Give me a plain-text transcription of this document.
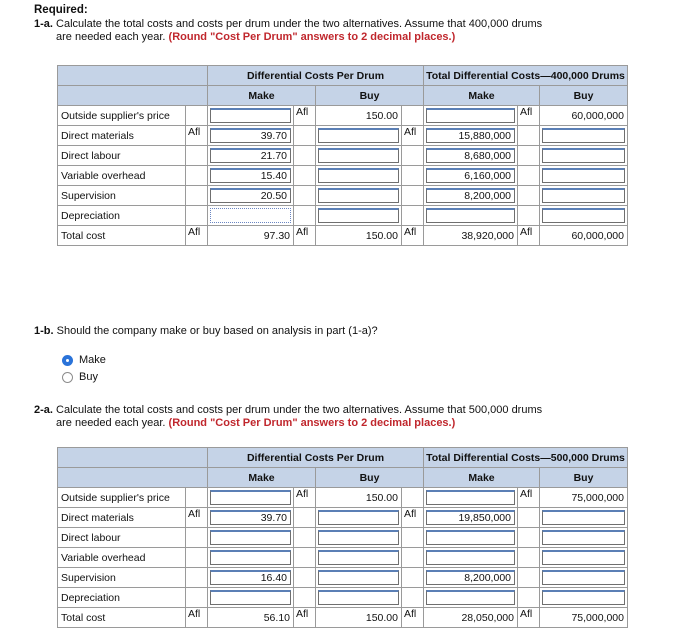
Required:
1-a. Calculate the total costs and costs per drum under the two alternatives. Assume that 400,000 drums
are needed each year. (Round "Cost Per Drum" answers to 2 decimal places.)
		Differential Costs Per Drum				Total Differential Costs—400,000 Drums		
		Make		Buy		Make		Buy
Outside supplier's price			Afl	150.00			Afl	60,000,000
Direct materials	Afl	39.70			Afl	15,880,000		

Direct labour		21.70				8,680,000		

Variable overhead		15.40				6,160,000		

Supervision		20.50				8,200,000		

Depreciation		

Total cost	Afl	97.30	Afl	150.00	Afl	38,920,000	Afl	60,000,000
1-b. Should the company make or buy based on analysis in part (1-a)?
Make
Buy
2-a. Calculate the total costs and costs per drum under the two alternatives. Assume that 500,000 drums
are needed each year. (Round "Cost Per Drum" answers to 2 decimal places.)
		Differential Costs Per Drum				Total Differential Costs—500,000 Drums		
		Make		Buy		Make		Buy
Outside supplier's price			Afl	150.00			Afl	75,000,000
Direct materials	Afl	39.70			Afl	19,850,000		

Direct labour		

Variable overhead		

Supervision		16.40				8,200,000		

Depreciation		

Total cost	Afl	56.10	Afl	150.00	Afl	28,050,000	Afl	75,000,000
